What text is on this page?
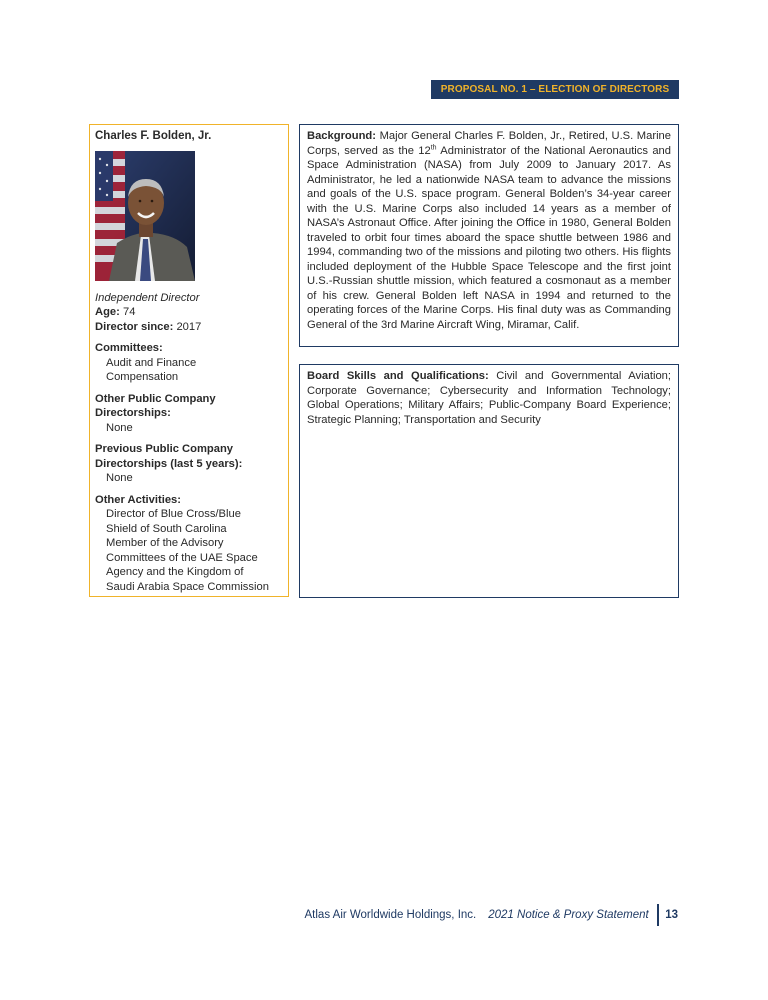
PROPOSAL NO. 1 – ELECTION OF DIRECTORS
Charles F. Bolden, Jr.
Independent Director
Age: 74
Director since: 2017
Committees:
Audit and Finance
Compensation
Other Public Company
Directorships:
None
Previous Public Company
Directorships (last 5 years):
None
Other Activities:
Director of Blue Cross/Blue
Shield of South Carolina
Member of the Advisory
Committees of the UAE Space
Agency and the Kingdom of
Saudi Arabia Space Commission
Background: Major General Charles F. Bolden, Jr., Retired, U.S. Marine Corps, served as the 12th Administrator of the National Aeronautics and Space Administration (NASA) from July 2009 to January 2017. As Administrator, he led a nationwide NASA team to advance the missions and goals of the U.S. space program. General Bolden’s 34-year career with the U.S. Marine Corps also included 14 years as a member of NASA’s Astronaut Office. After joining the Office in 1980, General Bolden traveled to orbit four times aboard the space shuttle between 1986 and 1994, commanding two of the missions and piloting two others. His flights included deployment of the Hubble Space Telescope and the first joint U.S.-Russian shuttle mission, which featured a cosmonaut as a member of his crew. General Bolden left NASA in 1994 and returned to the operating forces of the Marine Corps. His final duty was as Commanding General of the 3rd Marine Aircraft Wing, Miramar, Calif.
Board Skills and Qualifications: Civil and Governmental Aviation; Corporate Governance; Cybersecurity and Information Technology; Global Operations; Military Affairs; Public-Company Board Experience; Strategic Planning; Transportation and Security
Atlas Air Worldwide Holdings, Inc. 2021 Notice & Proxy Statement 13
